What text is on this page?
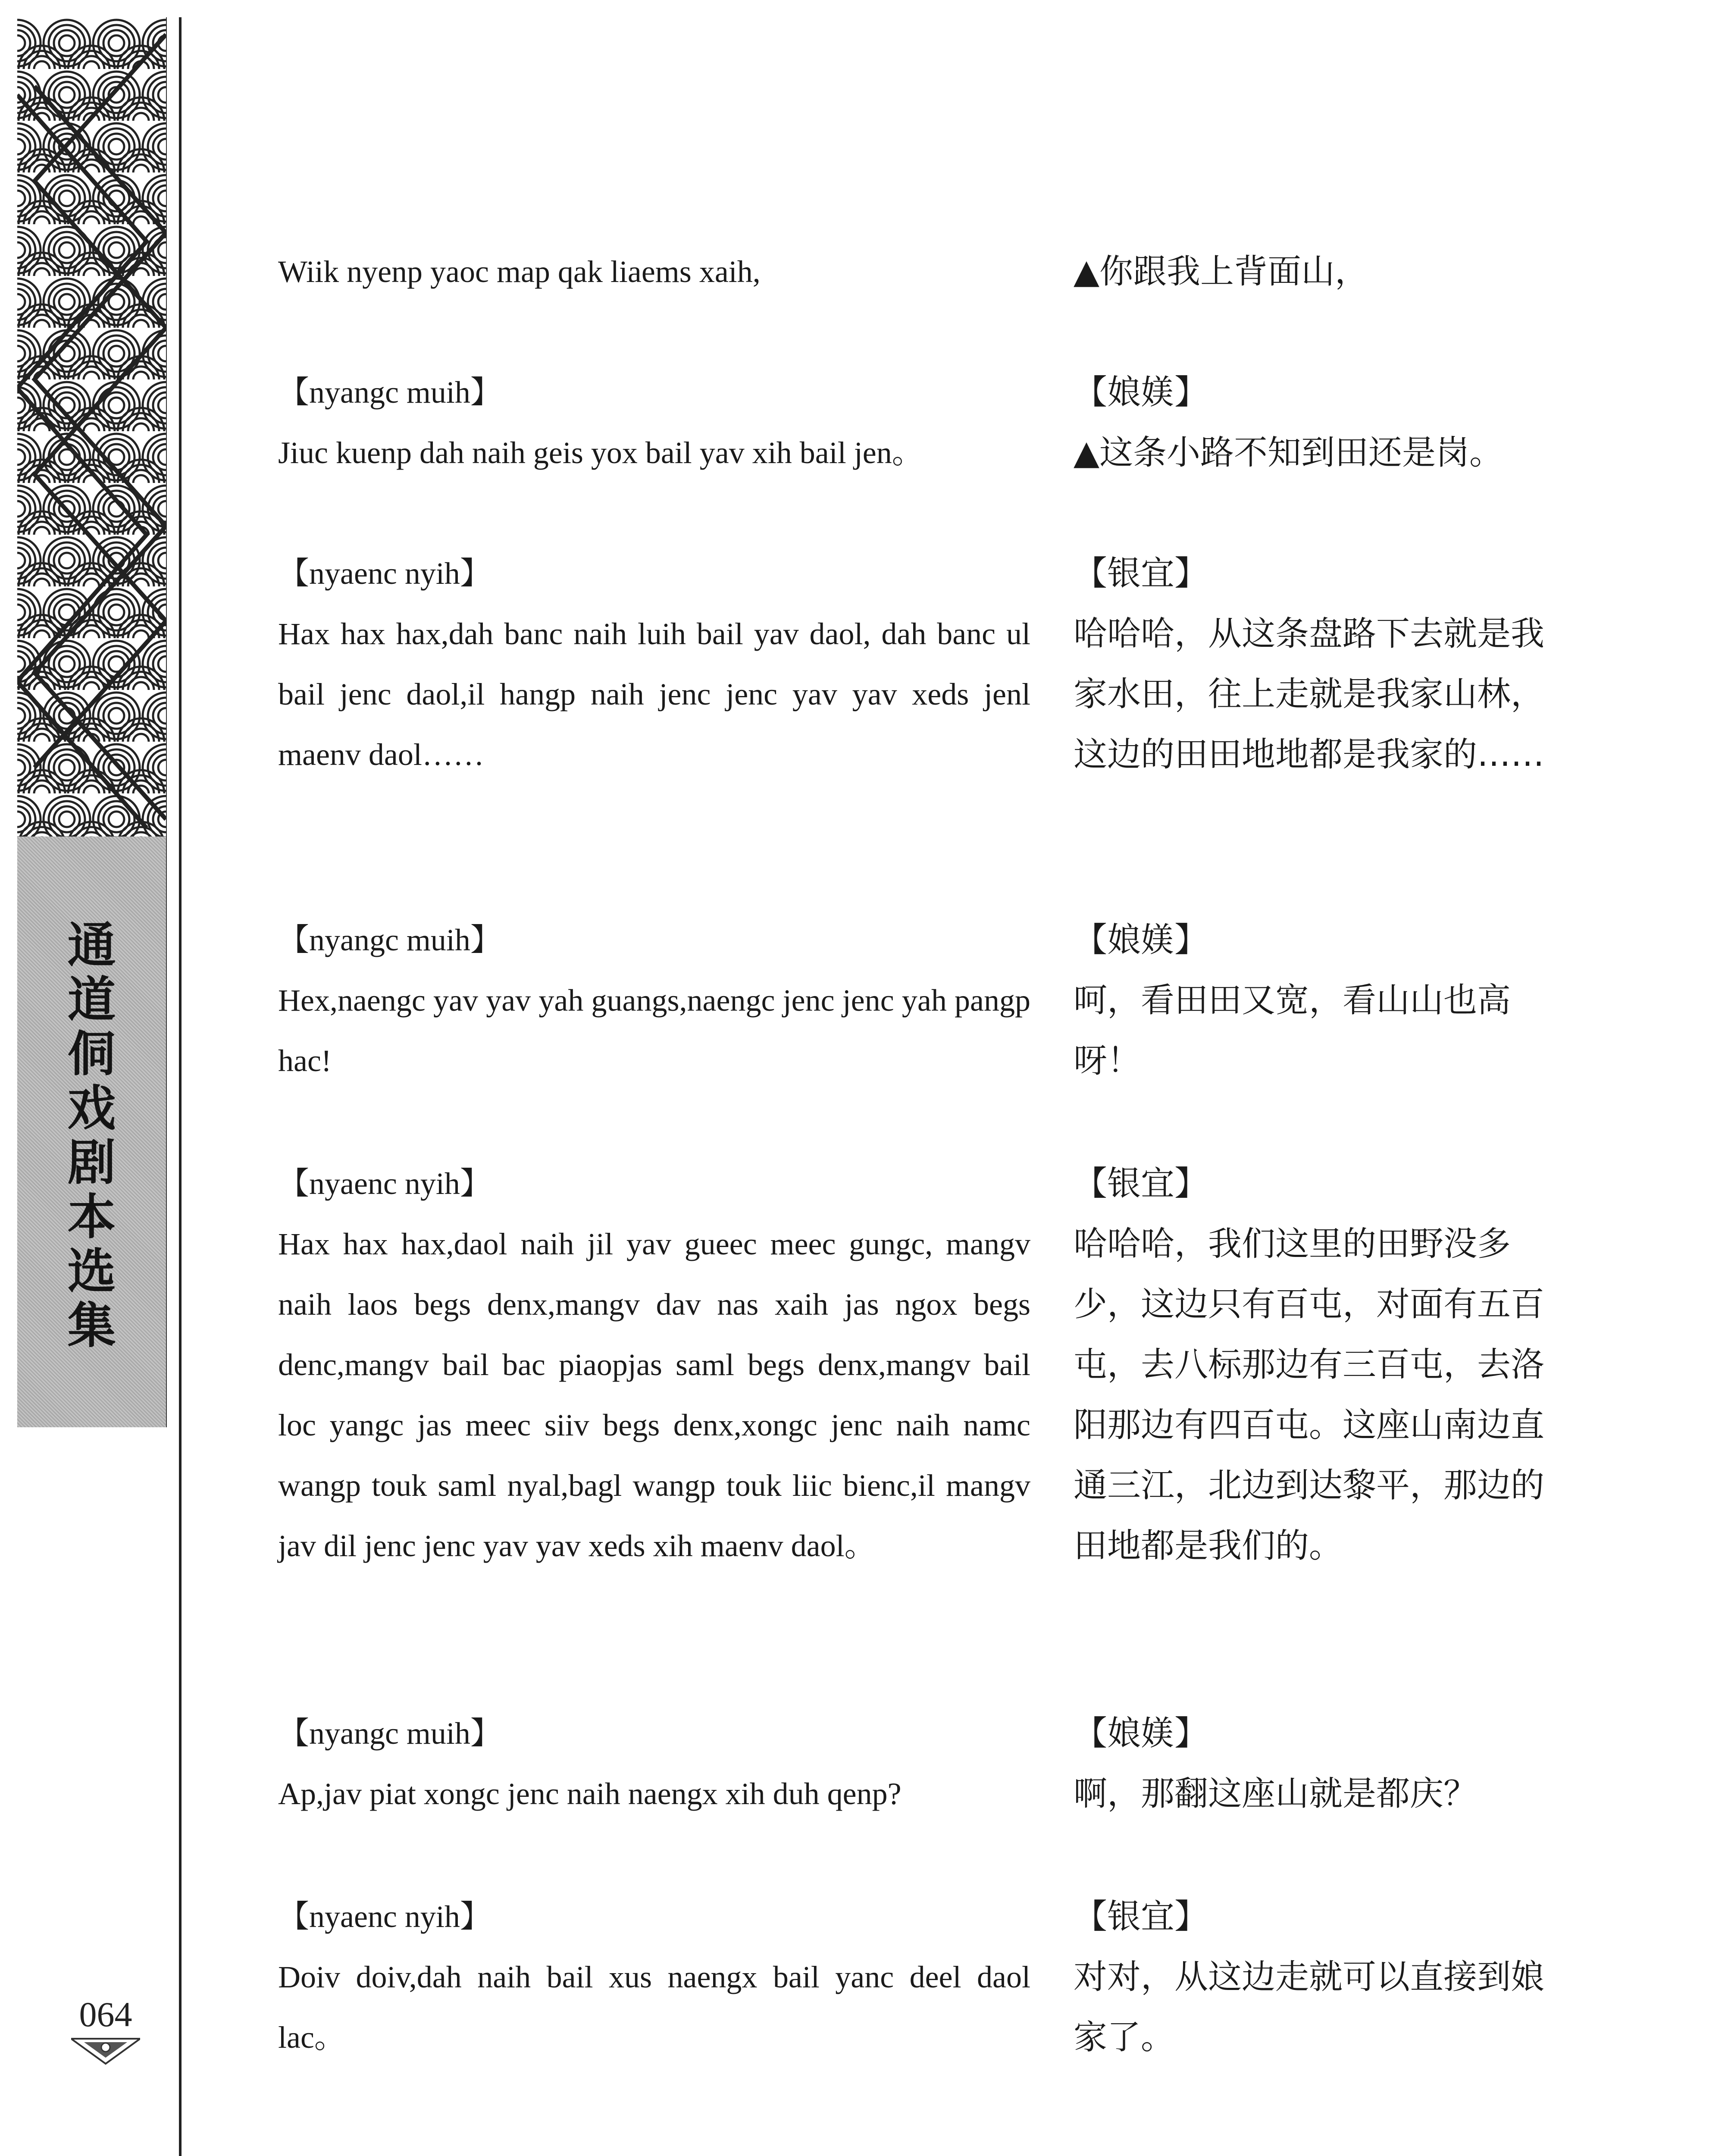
通
道
侗
戏
剧
本
选
集
064
Wiik nyenp yaoc map qak liaems xaih,	▲你跟我上背面山，
【nyangc muih】
Jiuc kuenp dah naih geis yox bail yav xih bail jen。
【娘媄】
▲这条小路不知到田还是岗。
【nyaenc nyih】
Hax hax hax,dah banc naih luih bail yav daol, dah banc ul bail jenc daol,il hangp naih jenc jenc yav yav xeds jenl maenv daol……
【银宜】
哈哈哈，从这条盘路下去就是我家水田，往上走就是我家山林，这边的田田地地都是我家的……
【nyangc muih】
Hex,naengc yav yav yah guangs,naengc jenc jenc yah pangp hac!
【娘媄】
呵，看田田又宽，看山山也高呀！
【nyaenc nyih】
Hax hax hax,daol naih jil yav gueec meec gungc, mangv naih laos begs denx,mangv dav nas xaih jas ngox begs denc,mangv bail bac piaopjas saml begs denx,mangv bail loc yangc jas meec siiv begs denx,xongc jenc naih namc wangp touk saml nyal,bagl wangp touk liic bienc,il mangv jav dil jenc jenc yav yav xeds xih maenv daol。
【银宜】
哈哈哈，我们这里的田野没多少，这边只有百屯，对面有五百屯，去八标那边有三百屯，去洛阳那边有四百屯。这座山南边直通三江，北边到达黎平，那边的田地都是我们的。
【nyangc muih】
Ap,jav piat xongc jenc naih naengx xih duh qenp?
【娘媄】
啊，那翻这座山就是都庆？
【nyaenc nyih】
Doiv doiv,dah naih bail xus naengx bail yanc deel daol lac。
【银宜】
对对，从这边走就可以直接到娘家了。
